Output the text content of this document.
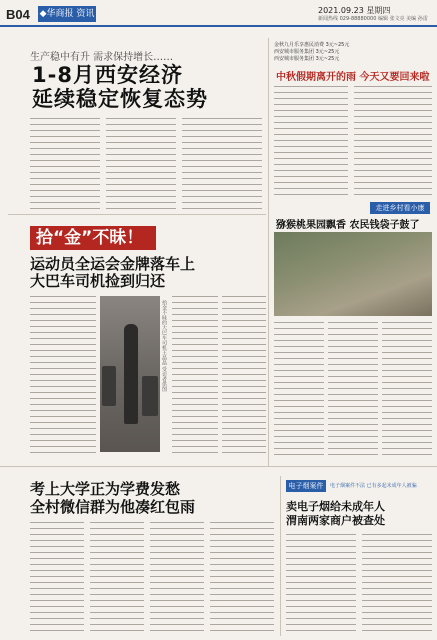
B04 ◆华商报 资讯	2021.09.23 星期四
新闻热线 029-88880000 编辑 张文亮 美编 孙雷
生产稳中有升 需求保持增长……
1-8月西安经济
延续稳定恢复态势
拾“金”不昧！
运动员全运会金牌落车上
大巴车司机捡到归还
拾金不昧的大巴车司机王晶晶 受访者供图
金秋九月乐享惠民消费 3元~25元
西安城市服务集团 3元~25元
西安城市服务集团 3元~25元
中秋假期离开的雨 今天又要回来啦
走进乡村看小康
猕猴桃果园飘香 农民钱袋子鼓了
考上大学正为学费发愁
全村微信群为他凑红包雨
电子烟案件	电子烟案件不法 已有多起未成年人被骗
卖电子烟给未成年人
渭南两家商户被查处
